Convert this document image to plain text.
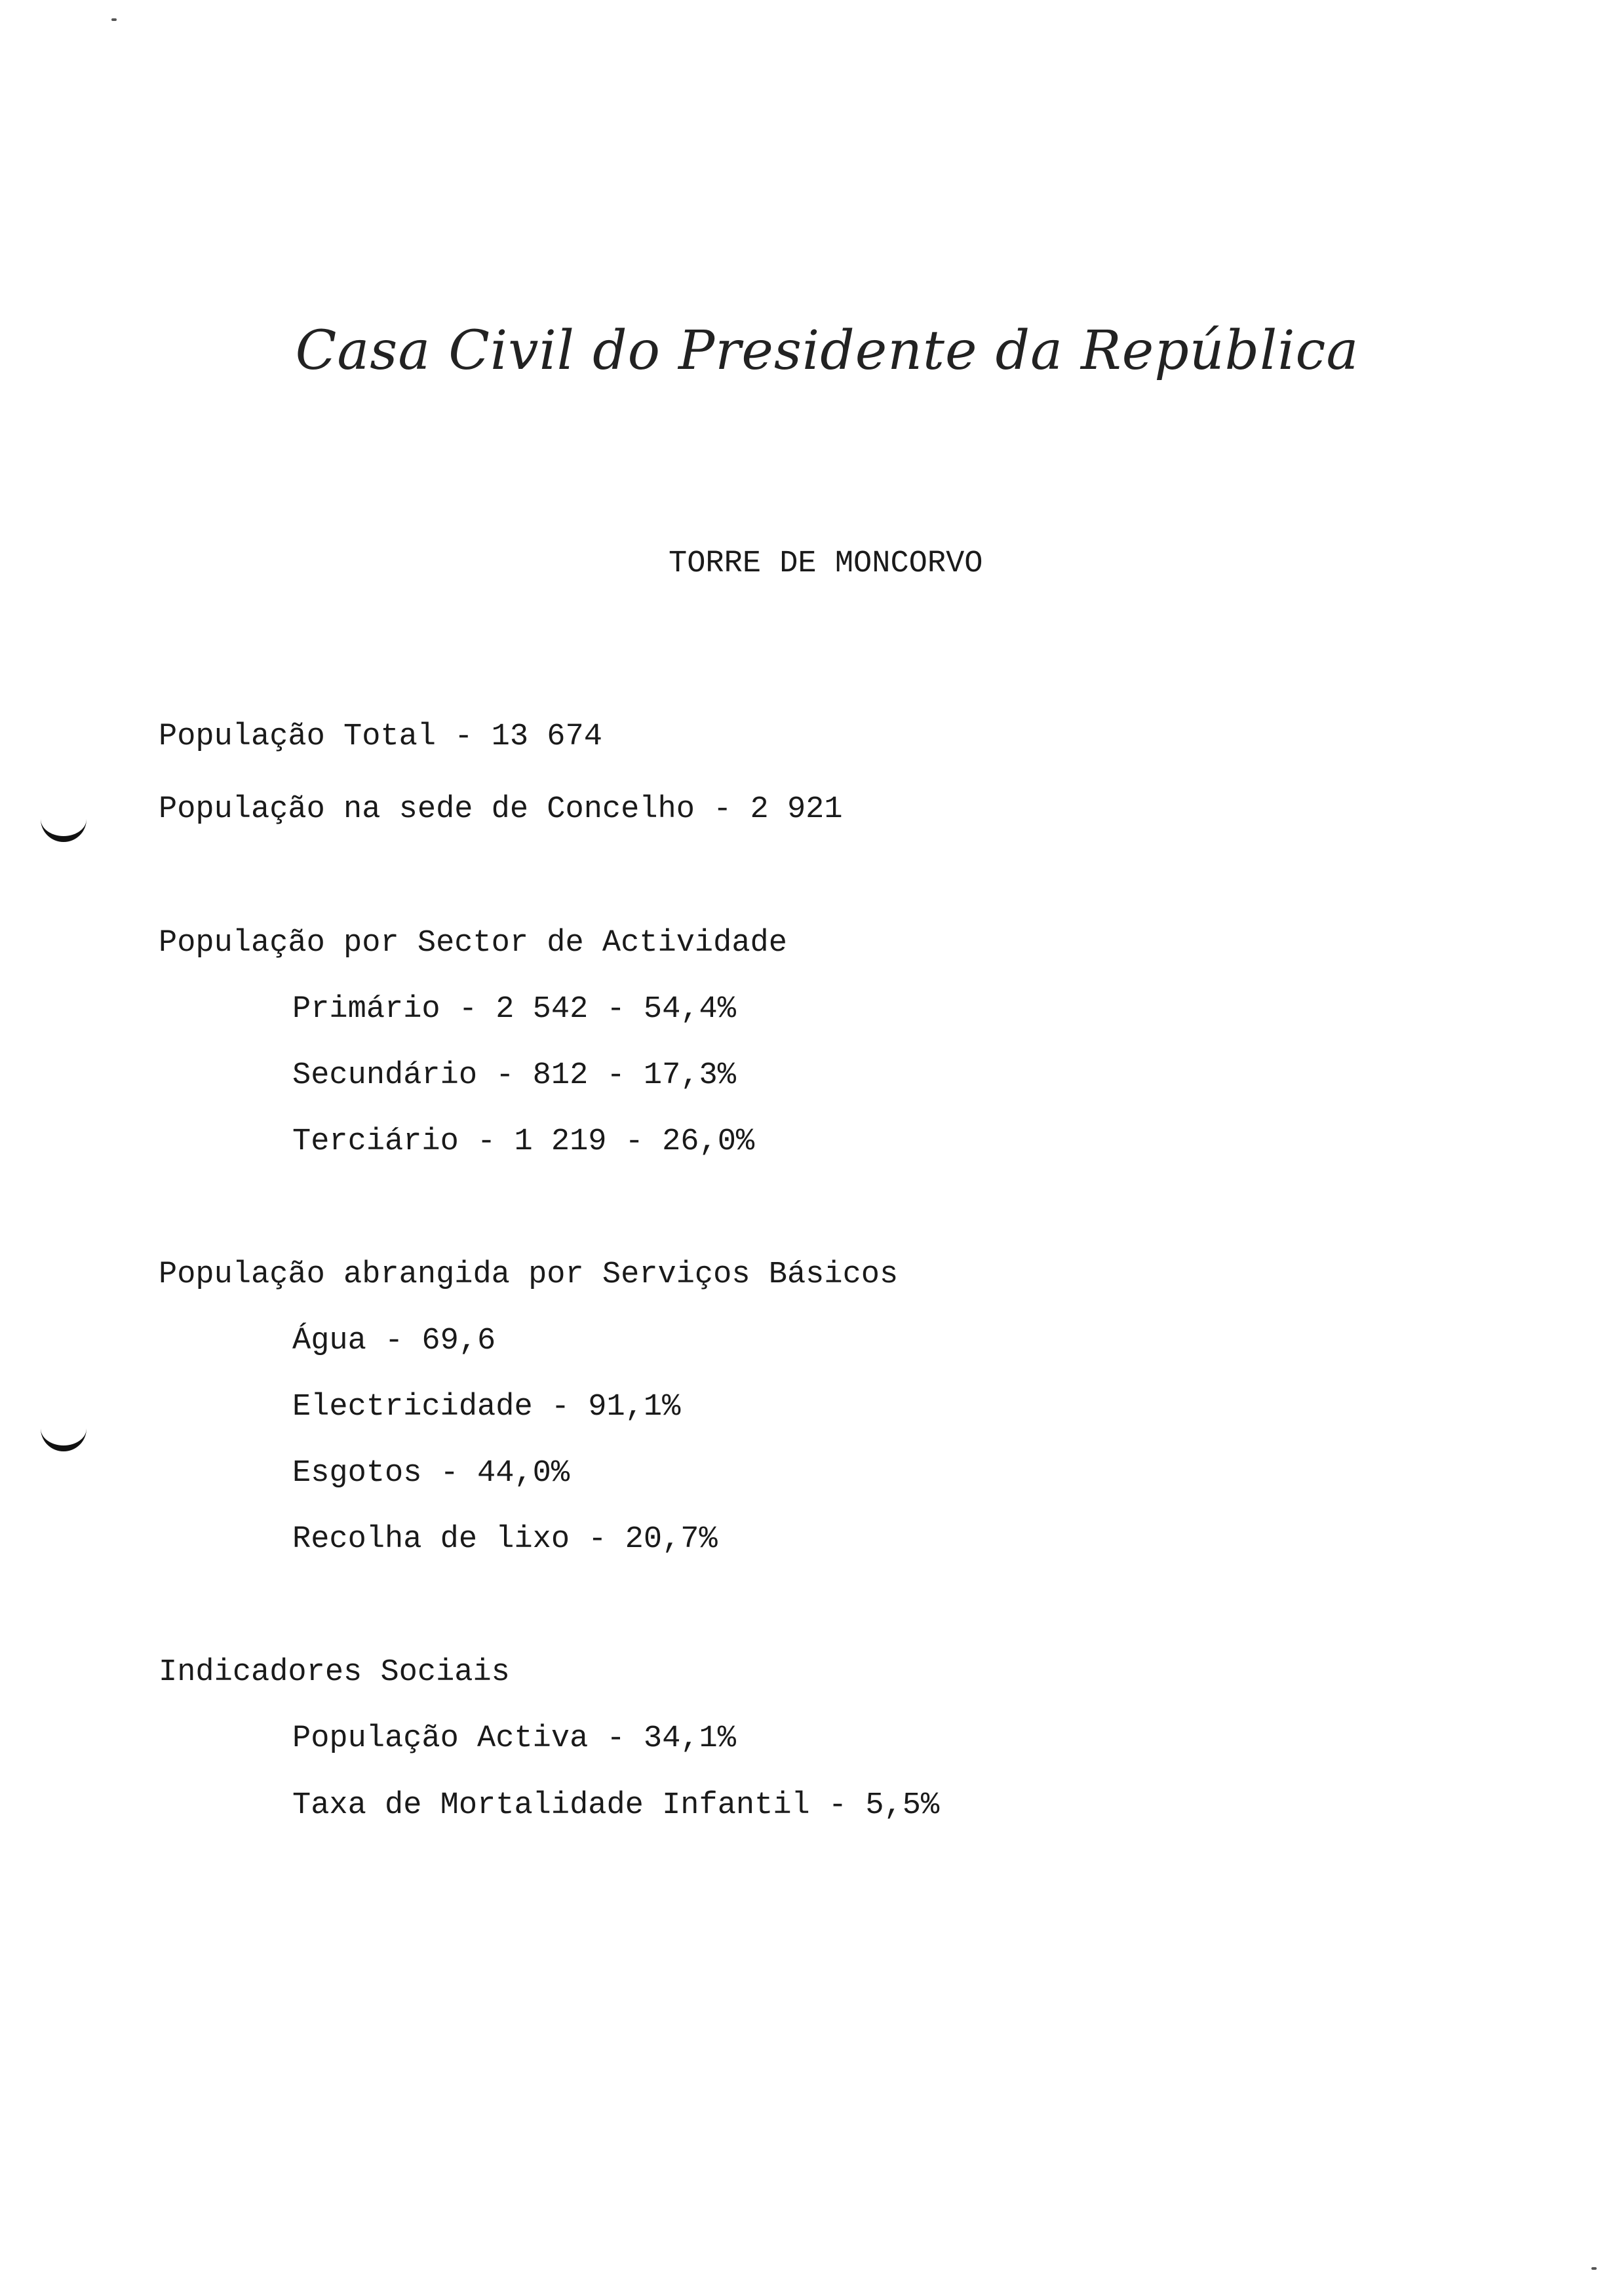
Casa Civil do Presidente da República
TORRE DE MONCORVO
População Total - 13 674
População na sede de Concelho - 2 921
População por Sector de Actividade
Primário - 2 542 - 54,4%
Secundário - 812 - 17,3%
Terciário - 1 219 - 26,0%
População abrangida por Serviços Básicos
Água - 69,6
Electricidade - 91,1%
Esgotos - 44,0%
Recolha de lixo - 20,7%
Indicadores Sociais
População Activa - 34,1%
Taxa de Mortalidade Infantil - 5,5%
